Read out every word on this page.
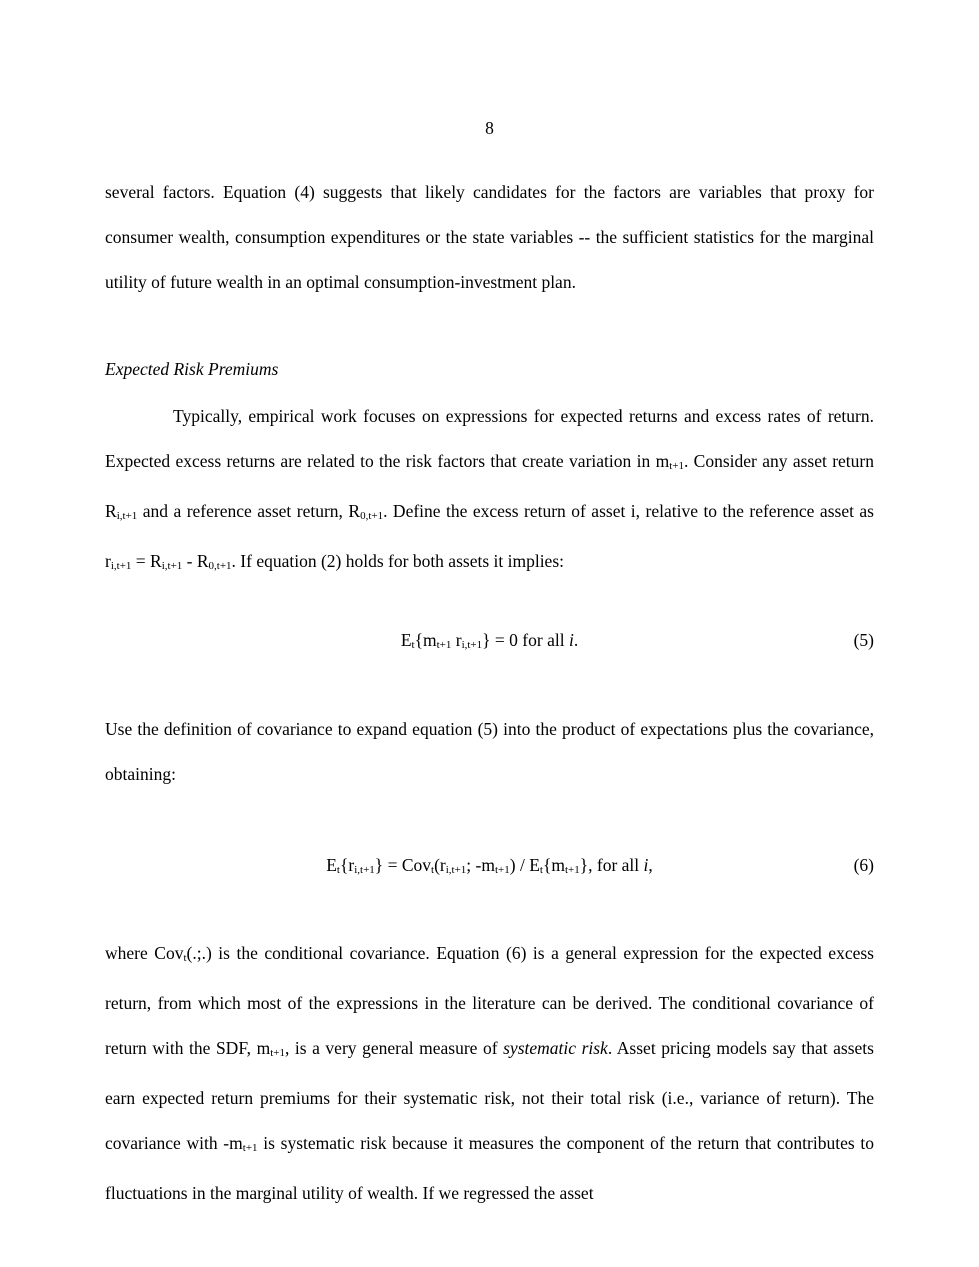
8
several factors. Equation (4) suggests that likely candidates for the factors are variables that proxy for consumer wealth, consumption expenditures or the state variables -- the sufficient statistics for the marginal utility of future wealth in an optimal consumption-investment plan.
Expected Risk Premiums
Typically, empirical work focuses on expressions for expected returns and excess rates of return. Expected excess returns are related to the risk factors that create variation in mt+1. Consider any asset return Ri,t+1 and a reference asset return, R0,t+1. Define the excess return of asset i, relative to the reference asset as ri,t+1 = Ri,t+1 - R0,t+1. If equation (2) holds for both assets it implies:
Et{mt+1 ri,t+1} = 0 for all i.	(5)
Use the definition of covariance to expand equation (5) into the product of expectations plus the covariance, obtaining:
Et{ri,t+1} = Covt(ri,t+1; -mt+1) / Et{mt+1}, for all i,	(6)
where Covt(.;.) is the conditional covariance. Equation (6) is a general expression for the expected excess return, from which most of the expressions in the literature can be derived. The conditional covariance of return with the SDF, mt+1, is a very general measure of systematic risk. Asset pricing models say that assets earn expected return premiums for their systematic risk, not their total risk (i.e., variance of return). The covariance with -mt+1 is systematic risk because it measures the component of the return that contributes to fluctuations in the marginal utility of wealth. If we regressed the asset
